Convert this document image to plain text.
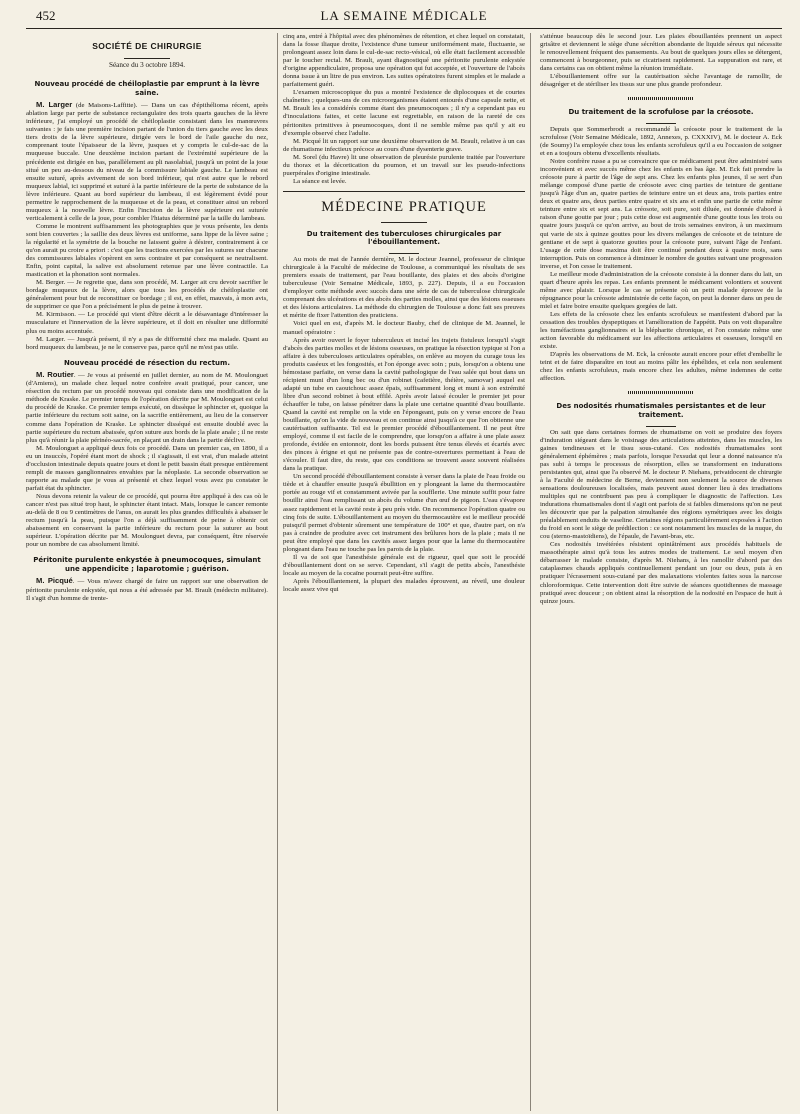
452	LA SEMAINE MÉDICALE
SOCIÉTÉ DE CHIRURGIE
Séance du 3 octobre 1894.
Nouveau procédé de chéiloplastie par emprunt à la lèvre saine.

M. Larger (de Maisons-Laffitte). — Dans un cas d'épithélioma récent, après ablation large par perte de substance rectangulaire des trois quarts gauches de la lèvre inférieure, j'ai employé un procédé de chéiloplastie consistant dans les manœuvres suivantes : je fais une première incision partant de l'union du tiers gauche avec les deux tiers droits de la lèvre supérieure, dirigée vers le bord de l'aile gauche du nez, comprenant toute l'épaisseur de la lèvre, jusques et y compris le cul-de-sac de la muqueuse buccale. Une deuxième incision partant de l'extrémité supérieure de la précédente est dirigée en bas, parallèlement au pli nasolabial, jusqu'à un point de la joue situé un peu au-dessous du niveau de la commissure labiale gauche. Le lambeau est ensuite suturé, après avivement de son bord inférieur, qui n'est autre que le rebord muqueux labial, ici supprimé et suturé à la partie inférieure de la perte de substance de la lèvre inférieure. Quant au bord supérieur du lambeau, il est légèrement évidé pour permettre le rapprochement de la muqueuse et de la peau, et constituer ainsi un rebord muqueux à la nouvelle lèvre. Enfin l'incision de la lèvre supérieure est suturée verticalement à celle de la joue, pour combler l'hiatus déterminé par la taille du lambeau.

Comme le montrent suffisamment les photographies que je vous présente, les dents sont bien couvertes ; la saillie des deux lèvres est uniforme, sans lippe de la lèvre saine ; la régularité et la symétrie de la bouche ne laissent guère à désirer, contrairement à ce qu'on aurait pu croire a priori : c'est que les tractions exercées par les sutures sur chacune des commissures labiales s'opèrent en sens contraire et par conséquent se neutralisent. Enfin, point capital, la salive est absolument retenue par une lèvre contractile. La mastication et la phonation sont normales.

M. Berger. — Je regrette que, dans son procédé, M. Larger ait cru devoir sacrifier le bordage muqueux de la lèvre, alors que tous les procédés de chéiloplastie ont généralement pour but de reconstituer ce bordage ; il est, en effet, mauvais, à mon avis, de supprimer ce que l'on a précisément le plus de peine à trouver.

M. Kirmisson. — Le procédé qui vient d'être décrit a le désavantage d'intéresser la musculature et l'innervation de la lèvre supérieure, et il doit en résulter une difformité plus ou moins accentuée.

M. Larger. — Jusqu'à présent, il n'y a pas de difformité chez ma malade. Quant au bord muqueux du lambeau, je ne le conserve pas, parce qu'il ne m'est pas utile.

Nouveau procédé de résection du rectum.

M. Routier. — Je vous ai présenté en juillet dernier, au nom de M. Moulonguet (d'Amiens), un malade chez lequel notre confrère avait pratiqué, pour cancer, une résection du rectum par un procédé nouveau qui consiste dans une modification de la méthode de Kraske. Le premier temps de l'opération décrite par M. Moulonguet est celui du procédé de Kraske. Ce premier temps exécuté, on dissèque le sphincter et, quoique la partie inférieure du rectum soit saine, on la sacrifie entièrement, au lieu de la conserver comme dans l'opération de Kraske. Le sphincter disséqué est ensuite doublé avec la partie supérieure du rectum abaissée, qu'on suture aux bords de la plaie anale ; il ne reste plus qu'à réunir la plaie périnéo-sacrée, en plaçant un drain dans la partie déclive.

M. Moulonguet a appliqué deux fois ce procédé. Dans un premier cas, en 1890, il a eu un insuccès, l'opéré étant mort de shock ; il s'agissait, il est vrai, d'un malade atteint d'occlusion intestinale depuis quatre jours et dont le petit bassin était presque entièrement rempli de masses ganglionnaires envahies par la néoplasie. La seconde observation se rapporte au malade que je vous ai présenté et chez lequel vous avez pu constater le parfait état du sphincter.

Nous devons retenir la valeur de ce procédé, qui pourra être appliqué à des cas où le cancer n'est pas situé trop haut, le sphincter étant intact. Mais, lorsque le cancer remonte au-delà de 8 ou 9 centimètres de l'anus, on aurait les plus grandes difficultés à abaisser le rectum jusqu'à la peau, puisque l'on a déjà suffisamment de peine à obtenir cet abaissement en conservant la partie inférieure du rectum pour la suturer au bout supérieur. L'opération décrite par M. Moulonguet devra, par conséquent, être réservée pour un nombre de cas absolument limité.

Péritonite purulente enkystée à pneumocoques, simulant une appendicite ; laparotomie ; guérison.

M. Picqué. — Vous m'avez chargé de faire un rapport sur une observation de péritonite purulente enkystée, qui nous a été adressée par M. Brault (médecin militaire). Il s'agit d'un homme de trente-

cinq ans, entré à l'hôpital avec des phénomènes de rétention, et chez lequel on constatait, dans la fosse iliaque droite, l'existence d'une tumeur uniformément mate, fluctuante, se prolongeant assez loin dans le cul-de-sac recto-vésical, où elle était facilement accessible par le toucher rectal. M. Brault, ayant diagnostiqué une péritonite purulente enkystée d'origine appendiculaire, proposa une opération qui fut acceptée, et l'ouverture de l'abcès donna issue à un litre de pus environ. Les suites opératoires furent simples et le malade a parfaitement guéri.

L'examen microscopique du pus a montré l'existence de diplocoques et de courtes chaînettes ; quelques-uns de ces microorganismes étaient entourés d'une capsule nette, et M. Brault les a considérés comme étant des pneumocoques ; il n'y a cependant pas eu d'inoculations faites, et cette lacune est regrettable, en raison de la rareté de ces péritonites primitives à pneumocoques, dont il ne semble même pas qu'il y ait eu d'exemple observé chez l'adulte.

M. Picqué lit un rapport sur une deuxième observation de M. Brault, relative à un cas de rhumatisme infectieux précoce au cours d'une dysenterie grave.

M. Sorel (du Havre) lit une observation de pleurésie purulente traitée par l'ouverture du thorax et la décortication du poumon, et un travail sur les pseudo-infections puerpérales d'origine intestinale.

La séance est levée.

MÉDECINE PRATIQUE
Du traitement des tuberculoses chirurgicales par l'ébouillantement.

Au mois de mai de l'année dernière, M. le docteur Jeannel, professeur de clinique chirurgicale à la Faculté de médecine de Toulouse, a communiqué les résultats de ses premiers essais de traitement, par l'eau bouillante, des plaies et des abcès d'origine tuberculeuse (Voir Semaine Médicale, 1893, p. 227). Depuis, il a eu l'occasion d'employer cette méthode avec succès dans une série de cas de tuberculose chirurgicale comprenant des ulcérations et des abcès des parties molles, ainsi que des lésions osseuses et des lésions articulaires. La méthode du chirurgien de Toulouse a donc fait ses preuves et mérite de fixer l'attention des praticiens.

Voici quel en est, d'après M. le docteur Bauby, chef de clinique de M. Jeannel, le manuel opératoire :

Après avoir ouvert le foyer tuberculeux et incisé les trajets fistuleux lorsqu'il s'agit d'abcès des parties molles et de lésions osseuses, on pratique la résection typique si l'on a affaire à des tuberculoses articulaires opérables, on enlève au moyen du curage tous les produits caséeux et les fongosités, et l'on éponge avec soin ; puis, lorsqu'on a obtenu une hémostase parfaite, on verse dans la cavité pathologique de l'eau salée qui bout dans un récipient muni d'un long bec ou d'un robinet (cafetière, théière, samovar) auquel est adapté un tube en caoutchouc assez épais, suffisamment long et muni à son extrémité libre d'un second robinet à bout effilé. Après avoir laissé écouler le premier jet pour échauffer le tube, on laisse pénétrer dans la plaie une certaine quantité d'eau bouillante. Quand la cavité est remplie on la vide en l'épongeant, puis on y verse encore de l'eau bouillante, qu'on la vide de nouveau et on continue ainsi jusqu'à ce que l'on obtienne une cautérisation suffisante. Tel est le premier procédé d'ébouillantement. Il ne peut être employé, comme il est facile de le comprendre, que lorsqu'on a affaire à une plaie assez profonde, évidée en entonnoir, dont les bords puissent être tenus élevés et écartés avec des pinces à érigne et qui ne présente pas de contre-ouvertures permettant à l'eau de s'écouler. Il faut dire, du reste, que ces conditions se trouvent assez souvent réalisées dans la pratique.

Un second procédé d'ébouillantement consiste à verser dans la plaie de l'eau froide ou tiède et à chauffer ensuite jusqu'à ébullition en y plongeant la lame du thermocautère portée au rouge vif et constamment avivée par la soufflerie. Une minute suffit pour faire bouillir ainsi l'eau remplissant un abcès du volume d'un œuf de pigeon. L'eau s'évapore assez rapidement et la cavité reste à peu près vide. On recommence l'opération quatre ou cinq fois de suite. L'ébouillantement au moyen du thermocautère est le meilleur procédé puisqu'il permet d'obtenir sûrement une température de 100° et que, d'autre part, on n'a pas à craindre de produire avec cet instrument des brûlures hors de la plaie ; mais il ne peut être employé que dans les cavités assez larges pour que la lame du thermocautère plongeant dans l'eau ne touche pas les parois de la plaie.

Il va de soi que l'anesthésie générale est de rigueur, quel que soit le procédé d'ébouillantement dont on se serve. Cependant, s'il s'agit de petits abcès, l'anesthésie locale au moyen de la cocaïne pourrait peut-être suffire.

Après l'ébouillantement, la plupart des malades éprouvent, au réveil, une douleur locale assez vive qui

s'atténue beaucoup dès le second jour. Les plaies ébouillantées prennent un aspect grisâtre et deviennent le siège d'une sécrétion abondante de liquide séreux qui nécessite le renouvellement fréquent des pansements. Au bout de quelques jours elles se détergent, commencent à bourgeonner, puis se cicatrisent rapidement. La suppuration est rare, et dans certains cas on obtient même la réunion immédiate.

L'ébouillantement offre sur la cautérisation sèche l'avantage de ramollir, de désagréger et de stériliser les tissus sur une plus grande profondeur.

Du traitement de la scrofulose par la créosote.

Depuis que Sommerbrodt a recommandé la créosote pour le traitement de la scrofulose (Voir Semaine Médicale, 1892, Annexes, p. CXXXIV), M. le docteur A. Eck (de Soumy) l'a employée chez tous les enfants scrofuleux qu'il a eu l'occasion de soigner et en a toujours obtenu d'excellents résultats.

Notre confrère russe a pu se convaincre que ce médicament peut être administré sans inconvénient et avec succès même chez les enfants en bas âge. M. Eck fait prendre la créosote pure à partir de l'âge de sept ans. Chez les enfants plus jeunes, il se sert d'un mélange composé d'une partie de créosote avec cinq parties de teinture de gentiane jusqu'à l'âge d'un an, quatre parties de teinture entre un et deux ans, trois parties entre deux et quatre ans, deux parties entre quatre et six ans et enfin une partie de cette même teinture entre six et sept ans. La créosote, soit pure, soit diluée, est donnée d'abord à raison d'une goutte par jour ; puis cette dose est augmentée d'une goutte tous les trois ou quatre jours jusqu'à ce qu'on arrive, au bout de trois semaines environ, à un maximum qui varie de six à quinze gouttes pour les divers mélanges de créosote et de teinture de gentiane et de sept à quatorze gouttes pour la créosote pure, suivant l'âge de l'enfant. L'usage de cette dose maxima doit être continué pendant deux à quatre mois, sans interruption. Puis on commence à diminuer le nombre de gouttes suivant une progression inverse, et l'on cesse le traitement.

Le meilleur mode d'administration de la créosote consiste à la donner dans du lait, un quart d'heure après les repas. Les enfants prennent le médicament volontiers et souvent même avec plaisir. Lorsque le cas se présente où un petit malade éprouve de la répugnance pour la créosote administrée de cette façon, on peut la donner dans un peu de miel et faire boire ensuite quelques gorgées de lait.

Les effets de la créosote chez les enfants scrofuleux se manifestent d'abord par la cessation des troubles dyspeptiques et l'amélioration de l'appétit. Puis on voit disparaître les tuméfactions ganglionnaires et la blépharite chronique, et l'on constate même une action favorable du médicament sur les affections articulaires et osseuses, lorsqu'il en existe.

D'après les observations de M. Eck, la créosote aurait encore pour effet d'embellir le teint et de faire disparaître en tout au moins pâlir les éphélides, et cela non seulement chez les enfants scrofuleux, mais encore chez les adultes, même indemnes de cette affection.

Des nodosités rhumatismales persistantes et de leur traitement.

On sait que dans certaines formes de rhumatisme on voit se produire des foyers d'induration siégeant dans le voisinage des articulations atteintes, dans les muscles, les gaines tendineuses et le tissu sous-cutané. Ces nodosités rhumatismales sont généralement éphémères ; mais parfois, lorsque l'exsudat qui leur a donné naissance n'a pas subi à temps le processus de résorption, elles se transforment en indurations persistantes qui, ainsi que l'a observé M. le docteur P. Niehans, privatdocent de chirurgie à la Faculté de médecine de Berne, deviennent non seulement la source de diverses sensations douloureuses localisées, mais peuvent aussi donner lieu à des irradiations multiples qui ne contribuent pas peu à compliquer le diagnostic de l'affection. Les indurations rhumatismales dont il s'agit ont parfois de si faibles dimensions qu'on ne peut les découvrir que par la palpation simultanée des régions symétriques avec les doigts préalablement enduits de vaseline. Certaines régions particulièrement exposées à l'action du froid en sont le siège de prédilection : ce sont notamment les muscles de la nuque, du cou (sterno-mastoïdiens), de l'épaule, de l'avant-bras, etc.

Ces nodosités invétérées résistent opiniâtrément aux procédés habituels de massothérapie ainsi qu'à tous les autres modes de traitement. Le seul moyen d'en débarrasser le malade consiste, d'après M. Niehans, à les ramollir d'abord par des cataplasmes chauds appliqués continuellement pendant un jour ou deux, puis à en pratiquer l'écrasement sous-cutané par des malaxations violentes faites sous la narcose chloroformique. Cette intervention doit être suivie de séances quotidiennes de massage pratiqué avec douceur ; on obtient ainsi la résorption de la nodosité en l'espace de huit à quinze jours.
